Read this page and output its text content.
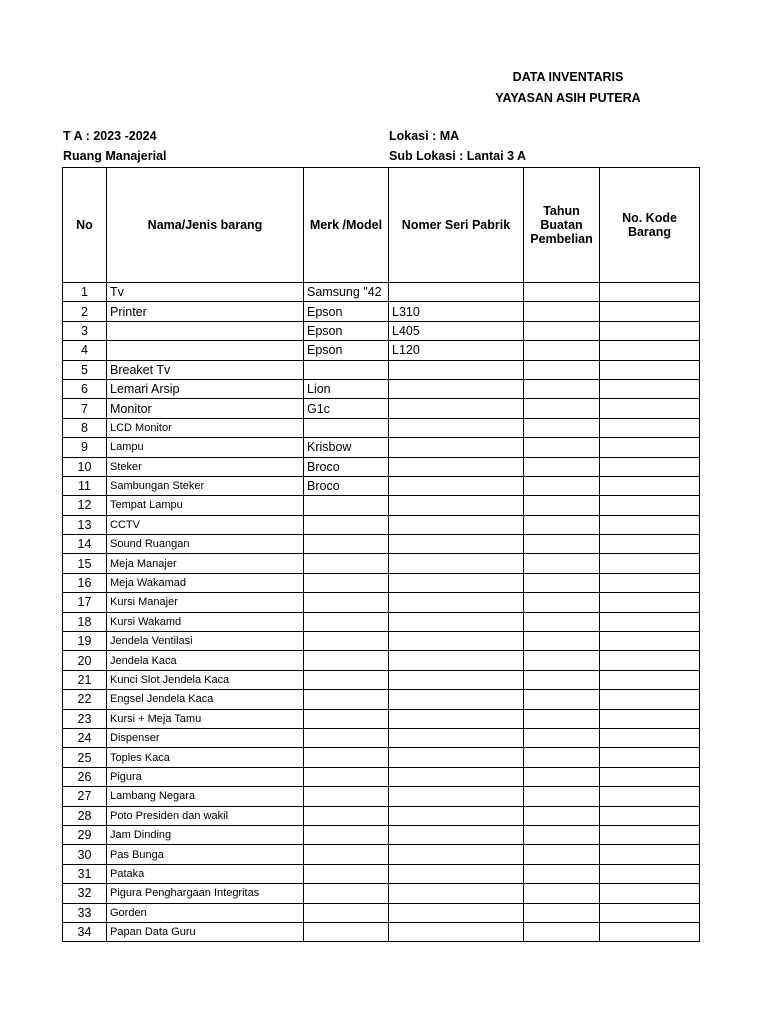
DATA INVENTARIS
YAYASAN ASIH PUTERA
T A : 2023 -2024
Ruang Manajerial
Lokasi : MA
Sub Lokasi : Lantai 3 A
No	Nama/Jenis barang	Merk /Model	Nomer Seri Pabrik	Tahun Buatan Pembelian	No. Kode Barang
1	Tv	Samsung "42			
2	Printer	Epson	L310		
3		Epson	L405		
4		Epson	L120		
5	Breaket Tv				
6	Lemari Arsip	Lion			
7	Monitor	G1c			
8	LCD Monitor				
9	Lampu	Krisbow			
10	Steker	Broco			
11	Sambungan Steker	Broco			
12	Tempat Lampu				
13	CCTV				
14	Sound Ruangan				
15	Meja Manajer				
16	Meja Wakamad				
17	Kursi Manajer				
18	Kursi Wakamd				
19	Jendela Ventilasi				
20	Jendela Kaca				
21	Kunci Slot Jendela Kaca				
22	Engsel Jendela Kaca				
23	Kursi + Meja Tamu				
24	Dispenser				
25	Toples Kaca				
26	Pigura				
27	Lambang Negara				
28	Poto Presiden dan wakil				
29	Jam Dinding				
30	Pas Bunga				
31	Pataka				
32	Pigura Penghargaan Integritas				
33	Gorden				
34	Papan Data Guru				
